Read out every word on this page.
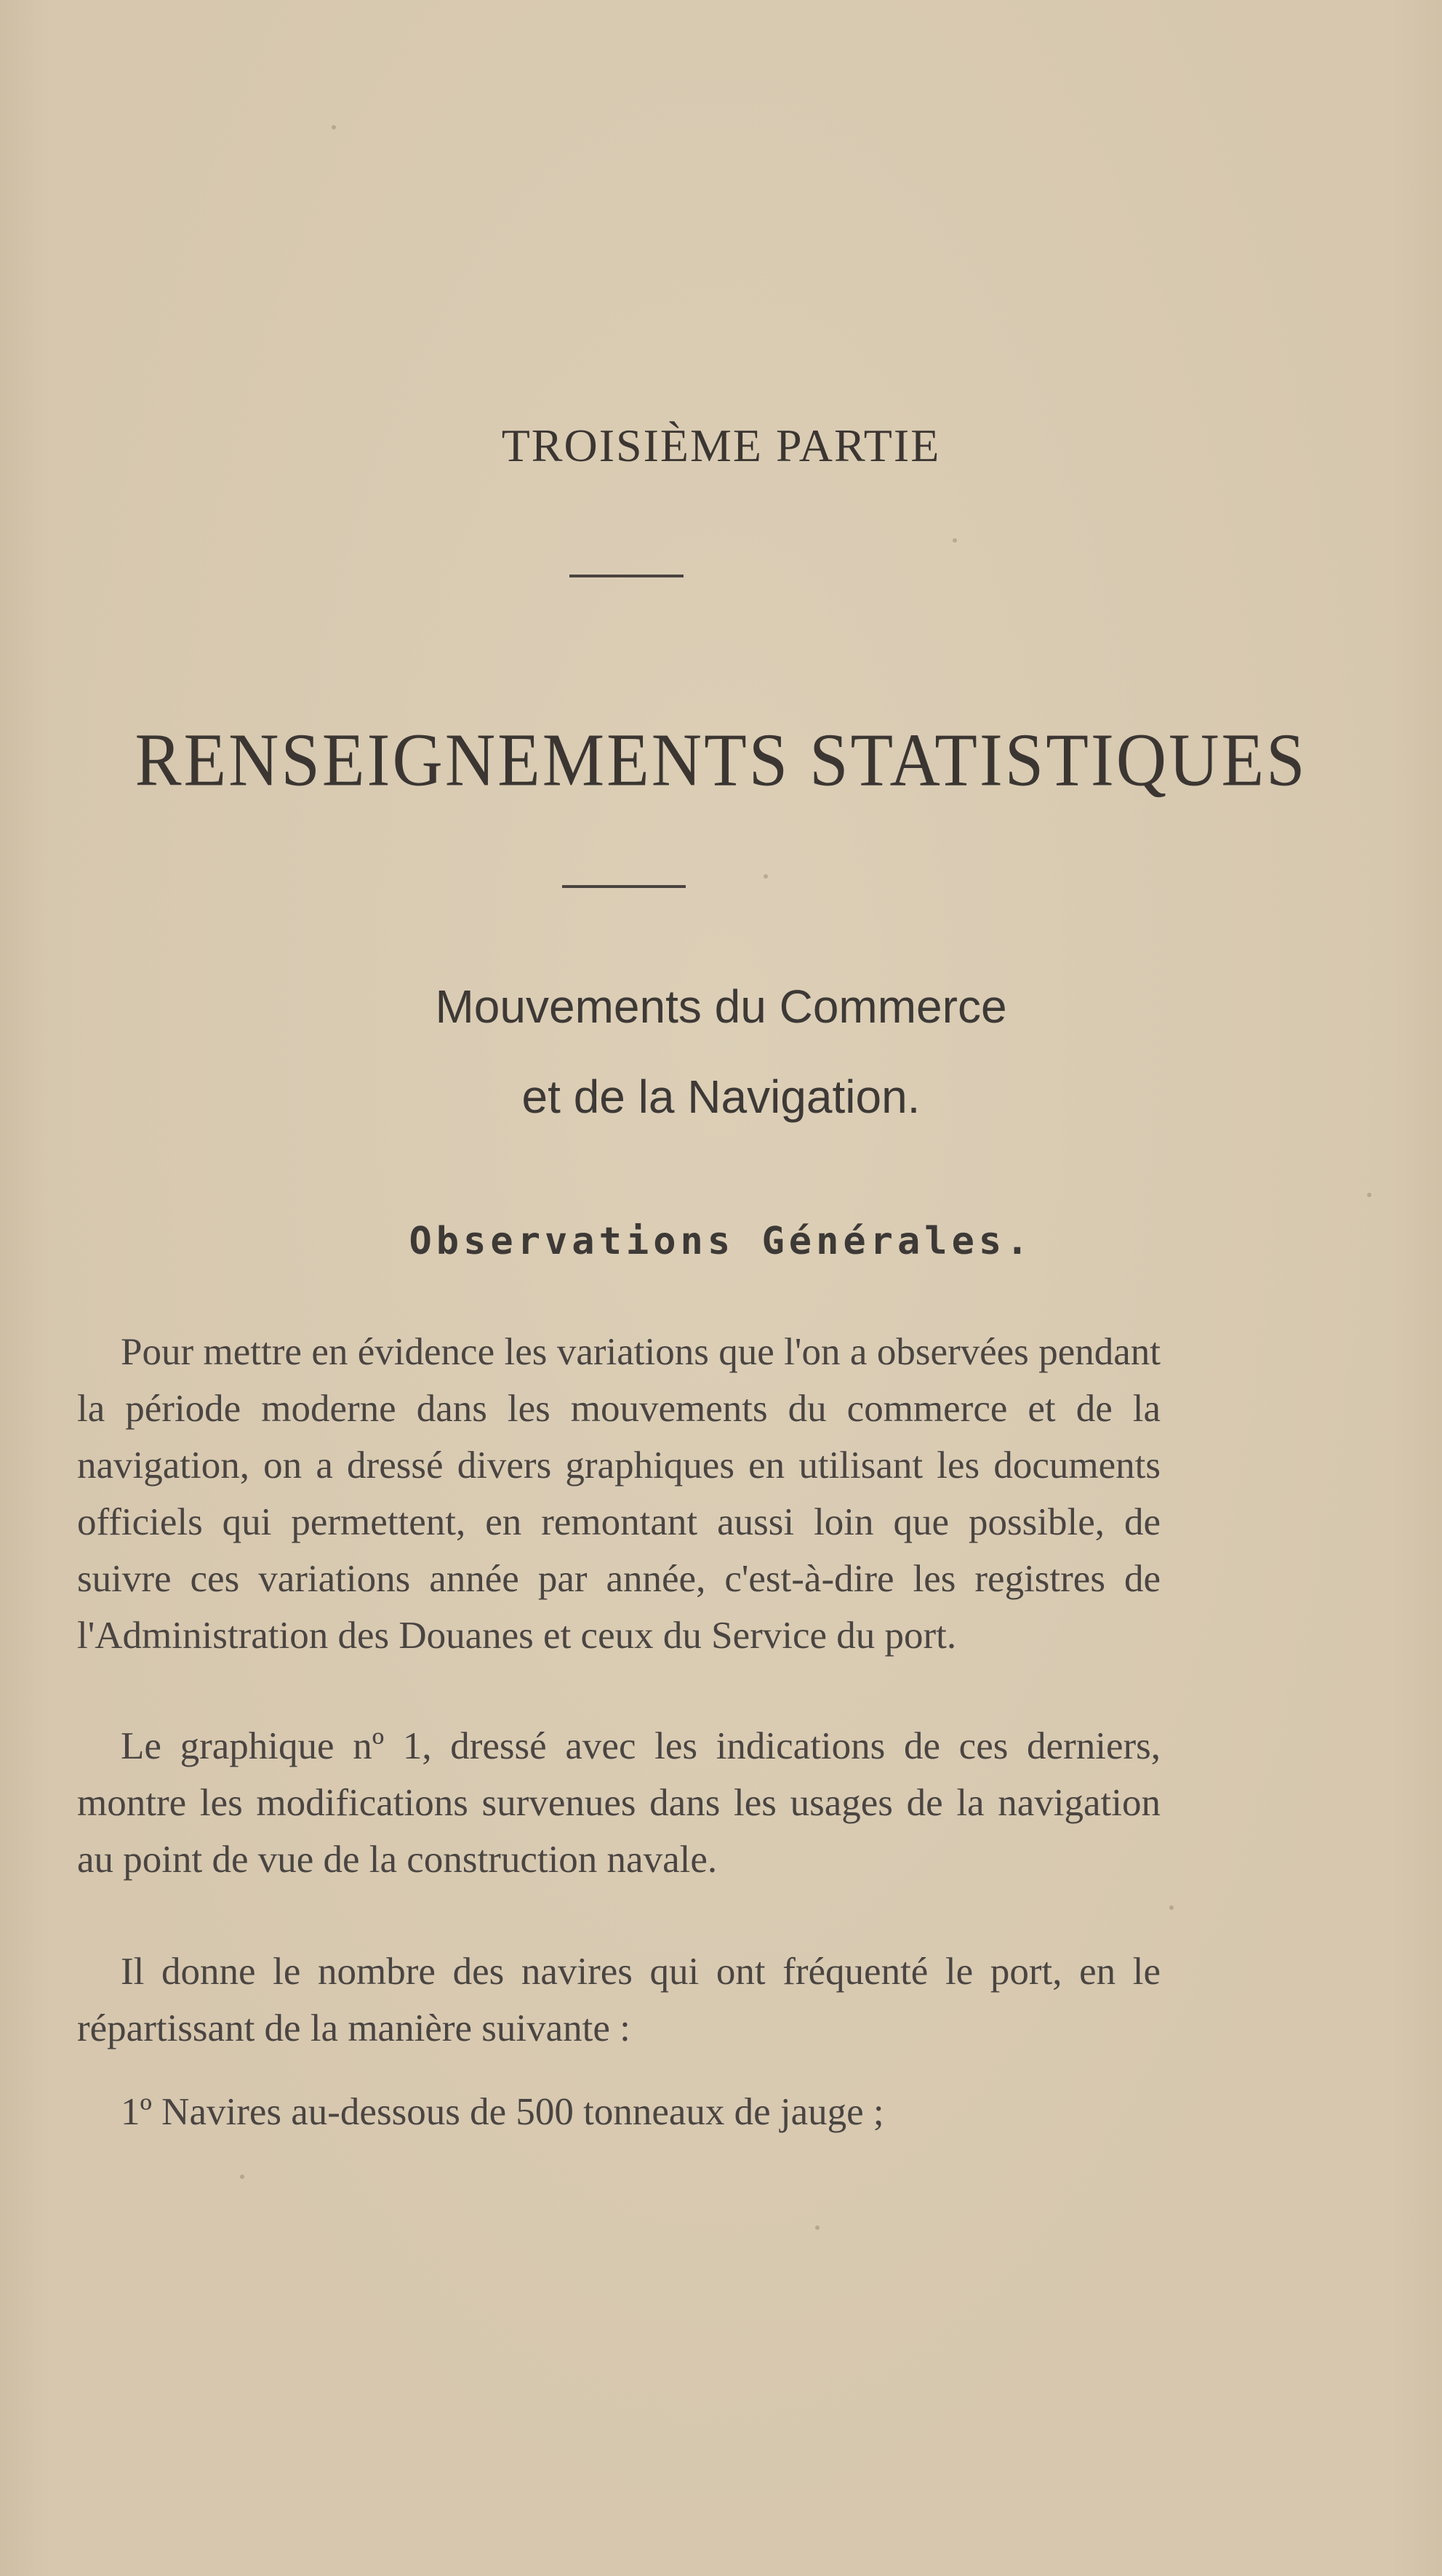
TROISIÈME PARTIE
RENSEIGNEMENTS STATISTIQUES
Mouvements du Commerce
et de la Navigation.
Observations Générales.

Pour mettre en évidence les variations que l'on a observées pendant la période moderne dans les mouvements du commerce et de la navigation, on a dressé divers graphiques en utilisant les documents officiels qui permettent, en remontant aussi loin que possible, de suivre ces variations année par année, c'est-à-dire les registres de l'Administration des Douanes et ceux du Service du port.

Le graphique nº 1, dressé avec les indications de ces derniers, montre les modifications survenues dans les usages de la navigation au point de vue de la construction navale.

Il donne le nombre des navires qui ont fréquenté le port, en le répartissant de la manière suivante :

1º Navires au-dessous de 500 tonneaux de jauge ;
